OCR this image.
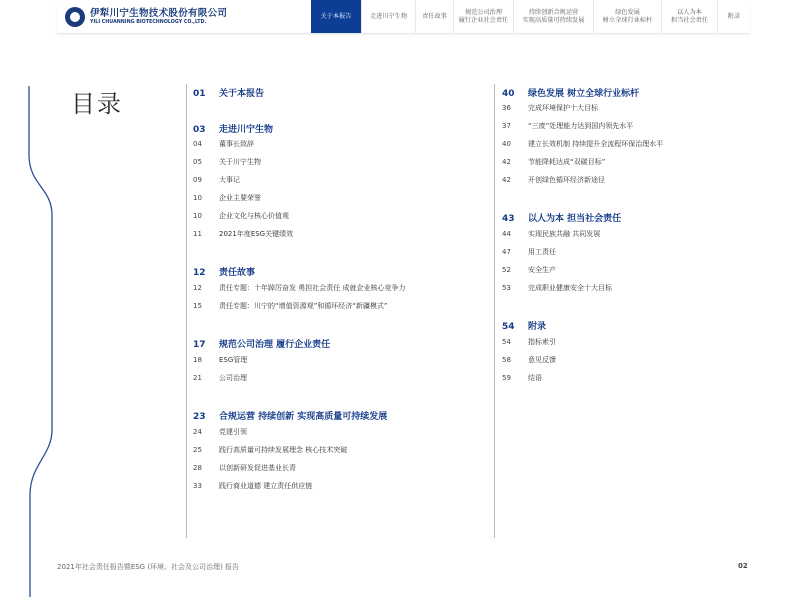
伊犁川宁生物技术股份有限公司
YILI CHUANNING BIOTECHNOLOGY CO.,LTD.
关于本报告	走进川宁生物 责任故事
规范公司治理
履行企业社会责任
持续创新合规运营
实现高质量可持续发展
绿色发展
树立全球行业标杆
以人为本
担当社会责任
附录
目录	01	关于本报告
03	走进川宁生物
04	董事长致辞
05	关于川宁生物
09	大事记
10	企业主要荣誉
10	企业文化与核心价值观
11	2021年度ESG关键绩效
12	责任故事
12	责任专题：十年踔厉奋发 勇担社会责任 成就企业核心竞争力
15	责任专题：川宁的“增值资源观”和循环经济“新疆模式”
17	规范公司治理 履行企业责任
18	ESG管理
21	公司治理
23	合规运营 持续创新 实现高质量可持续发展
24	党建引领
25	践行高质量可持续发展理念 核心技术突破
28	以创新研发促进基业长青
33	践行商业道德 建立责任供应链
40	绿色发展 树立全球行业标杆
36	完成环境保护十大目标
37	“三废”处理能力达到国内领先水平
40	建立长效机制 持续提升全流程环保治理水平
42	节能降耗达成“双碳目标”
42	开创绿色循环经济新途径
43	以人为本 担当社会责任
44	实现民族共融 共同发展
47	用工责任
52	安全生产
53	完成职业健康安全十大目标
54	附录
54	指标索引
58	意见反馈
59	结语
2021年社会责任报告暨ESG (环境、社会及公司治理) 报告	02
